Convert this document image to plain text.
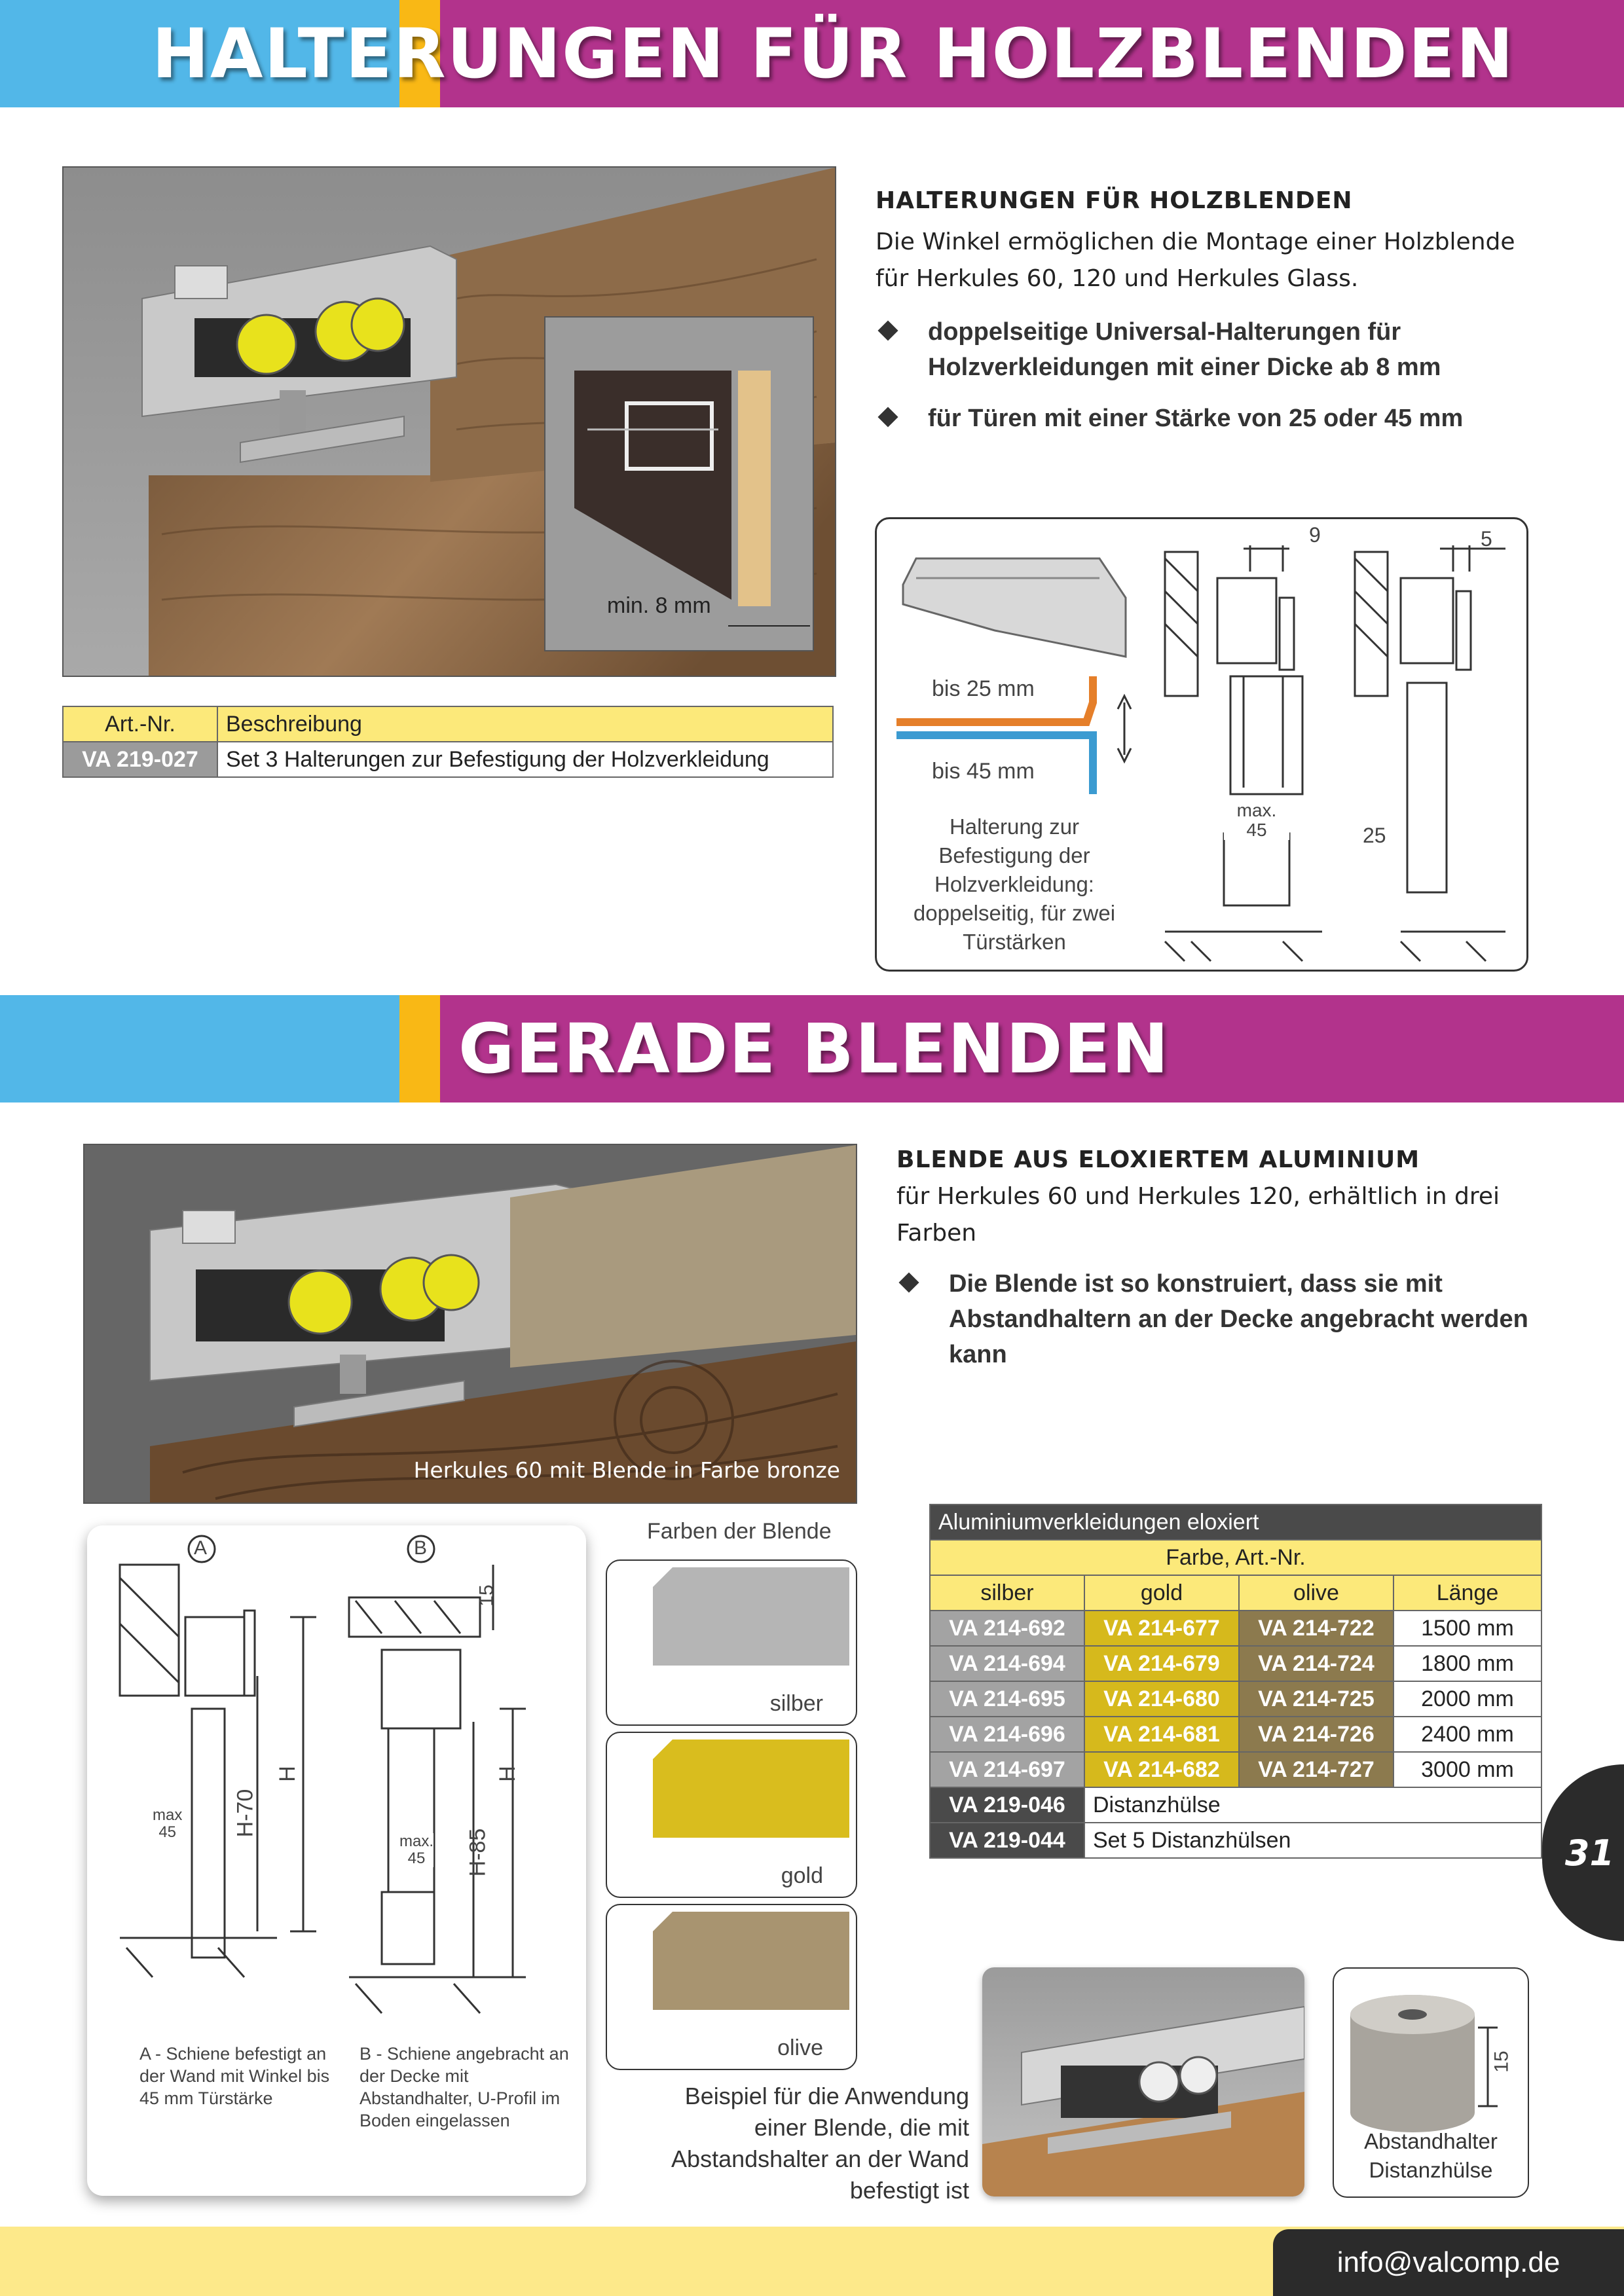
HALTERUNGEN FÜR HOLZBLENDEN
min. 8 mm
Art.-Nr.	Beschreibung
VA 219-027	Set 3 Halterungen zur Befestigung der Holzverkleidung
HALTERUNGEN FÜR HOLZBLENDEN
Die Winkel ermöglichen die Montage einer Holzblende für Herkules 60, 120 und Herkules Glass.
doppelseitige Universal-Halterungen für Holzverkleidungen mit einer Dicke ab 8 mm
für Türen mit einer Stärke von 25 oder 45 mm
bis 25 mm
bis 45 mm
Halterung zur Befestigung der Holzverkleidung: doppelseitig, für zwei Türstärken
9	5
max.
45	25
GERADE BLENDEN
Herkules 60 mit Blende in Farbe bronze
BLENDE AUS ELOXIERTEM ALUMINIUM
für Herkules 60 und Herkules 120, erhältlich in drei Farben
Die Blende ist so konstruiert, dass sie mit Abstandhaltern an der Decke angebracht werden kann
A	B
15
H
H-70
H
H-85
max
45
max.
45
A - Schiene befestigt an der Wand mit Winkel bis 45 mm Türstärke
B - Schiene angebracht an der Decke mit Abstandhalter, U-Profil im Boden eingelassen
Farben der Blende
silber
gold
olive
Aluminiumverkleidungen eloxiert			
Farbe, Art.-Nr.			
silber	gold	olive	Länge
VA 214-692	VA 214-677	VA 214-722	1500 mm
VA 214-694	VA 214-679	VA 214-724	1800 mm
VA 214-695	VA 214-680	VA 214-725	2000 mm
VA 214-696	VA 214-681	VA 214-726	2400 mm
VA 214-697	VA 214-682	VA 214-727	3000 mm
VA 219-046	Distanzhülse		
VA 219-044	Set 5 Distanzhülsen			31
Beispiel für die Anwendung einer Blende, die mit Abstandshalter an der Wand befestigt ist
15
Abstandhalter
Distanzhülse
info@valcomp.de
